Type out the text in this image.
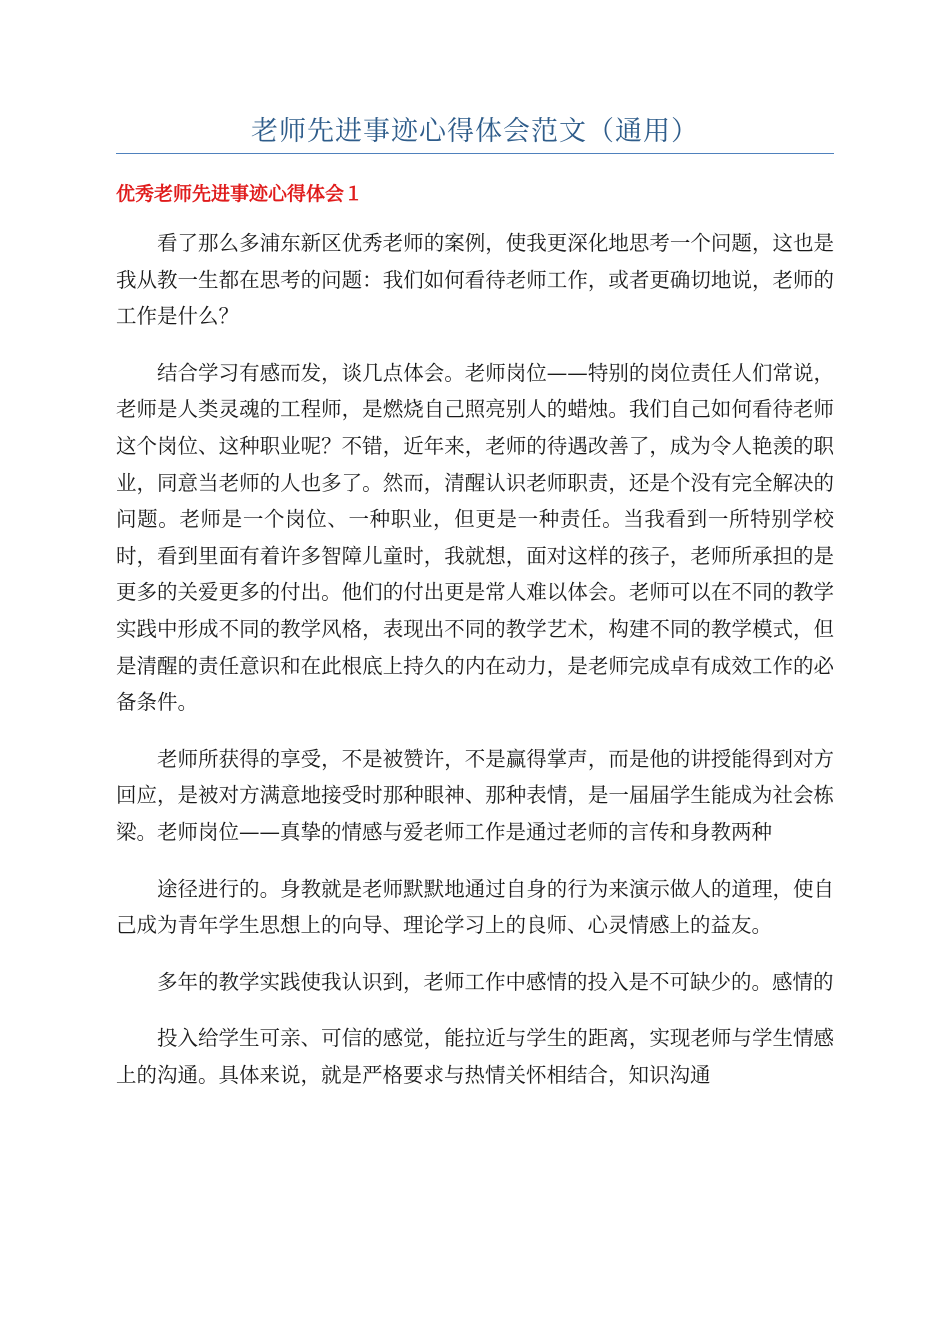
老师先进事迹心得体会范文（通用）
优秀老师先进事迹心得体会１

看了那么多浦东新区优秀老师的案例，使我更深化地思考一个问题，这也是我从教一生都在思考的问题：我们如何看待老师工作，或者更确切地说，老师的工作是什么？

结合学习有感而发，谈几点体会。老师岗位——特别的岗位责任人们常说，老师是人类灵魂的工程师，是燃烧自己照亮别人的蜡烛。我们自己如何看待老师这个岗位、这种职业呢？不错，近年来，老师的待遇改善了，成为令人艳羡的职业，同意当老师的人也多了。然而，清醒认识老师职责，还是个没有完全解决的问题。老师是一个岗位、一种职业，但更是一种责任。当我看到一所特别学校时，看到里面有着许多智障儿童时，我就想，面对这样的孩子，老师所承担的是更多的关爱更多的付出。他们的付出更是常人难以体会。老师可以在不同的教学实践中形成不同的教学风格，表现出不同的教学艺术，构建不同的教学模式，但是清醒的责任意识和在此根底上持久的内在动力，是老师完成卓有成效工作的必备条件。

老师所获得的享受，不是被赞许，不是赢得掌声，而是他的讲授能得到对方回应，是被对方满意地接受时那种眼神、那种表情，是一届届学生能成为社会栋梁。老师岗位——真挚的情感与爱老师工作是通过老师的言传和身教两种

途径进行的。身教就是老师默默地通过自身的行为来演示做人的道理，使自己成为青年学生思想上的向导、理论学习上的良师、心灵情感上的益友。

多年的教学实践使我认识到，老师工作中感情的投入是不可缺少的。感情的

投入给学生可亲、可信的感觉，能拉近与学生的距离，实现老师与学生情感上的沟通。具体来说，就是严格要求与热情关怀相结合，知识沟通
